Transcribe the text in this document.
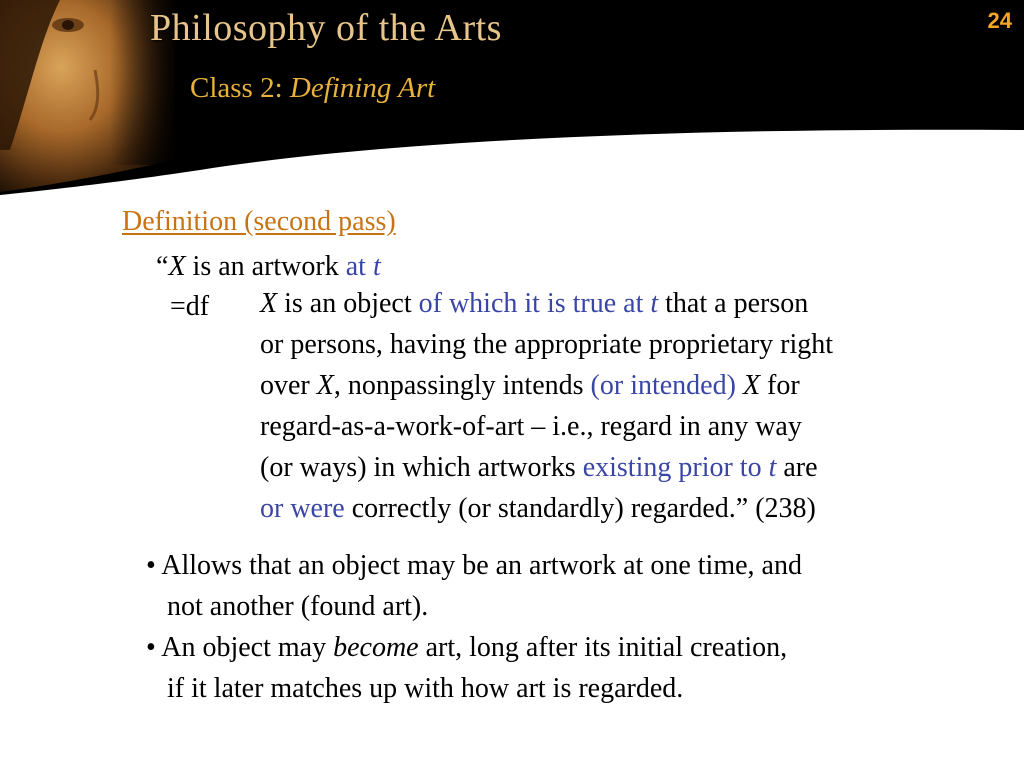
Philosophy of the Arts
Class 2: Defining Art
24
Definition (second pass)
“X is an artwork at t
=df X is an object of which it is true at t that a person
or persons, having the appropriate proprietary right
over X, nonpassingly intends (or intended) X for
regard-as-a-work-of-art – i.e., regard in any way
(or ways) in which artworks existing prior to t are
or were correctly (or standardly) regarded.” (238)
• Allows that an object may be an artwork at one time, and
not another (found art).
• An object may become art, long after its initial creation,
if it later matches up with how art is regarded.
